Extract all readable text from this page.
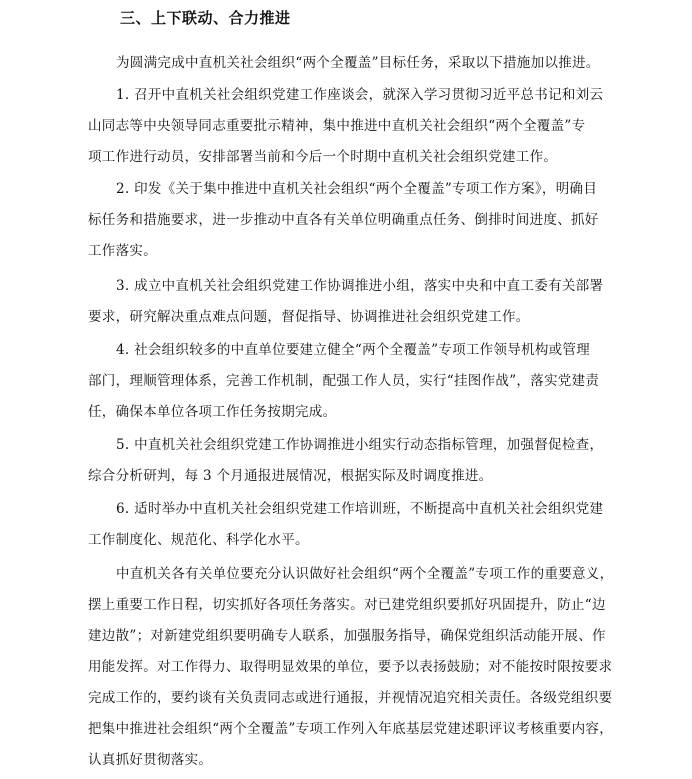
三、上下联动、合力推进
为圆满完成中直机关社会组织“两个全覆盖”目标任务，采取以下措施加以推进。
1. 召开中直机关社会组织党建工作座谈会，就深入学习贯彻习近平总书记和刘云
山同志等中央领导同志重要批示精神，集中推进中直机关社会组织“两个全覆盖”专
项工作进行动员，安排部署当前和今后一个时期中直机关社会组织党建工作。
2. 印发《关于集中推进中直机关社会组织“两个全覆盖”专项工作方案》，明确目
标任务和措施要求，进一步推动中直各有关单位明确重点任务、倒排时间进度、抓好
工作落实。
3. 成立中直机关社会组织党建工作协调推进小组，落实中央和中直工委有关部署
要求，研究解决重点难点问题，督促指导、协调推进社会组织党建工作。
4. 社会组织较多的中直单位要建立健全“两个全覆盖”专项工作领导机构或管理
部门，理顺管理体系，完善工作机制，配强工作人员，实行“挂图作战”，落实党建责
任，确保本单位各项工作任务按期完成。
5. 中直机关社会组织党建工作协调推进小组实行动态指标管理，加强督促检查，
综合分析研判，每 3 个月通报进展情况，根据实际及时调度推进。
6. 适时举办中直机关社会组织党建工作培训班，不断提高中直机关社会组织党建
工作制度化、规范化、科学化水平。
中直机关各有关单位要充分认识做好社会组织“两个全覆盖”专项工作的重要意义，
摆上重要工作日程，切实抓好各项任务落实。对已建党组织要抓好巩固提升，防止“边
建边散”；对新建党组织要明确专人联系，加强服务指导，确保党组织活动能开展、作
用能发挥。对工作得力、取得明显效果的单位，要予以表扬鼓励；对不能按时限按要求
完成工作的，要约谈有关负责同志或进行通报，并视情况追究相关责任。各级党组织要
把集中推进社会组织“两个全覆盖”专项工作列入年底基层党建述职评议考核重要内容，
认真抓好贯彻落实。
